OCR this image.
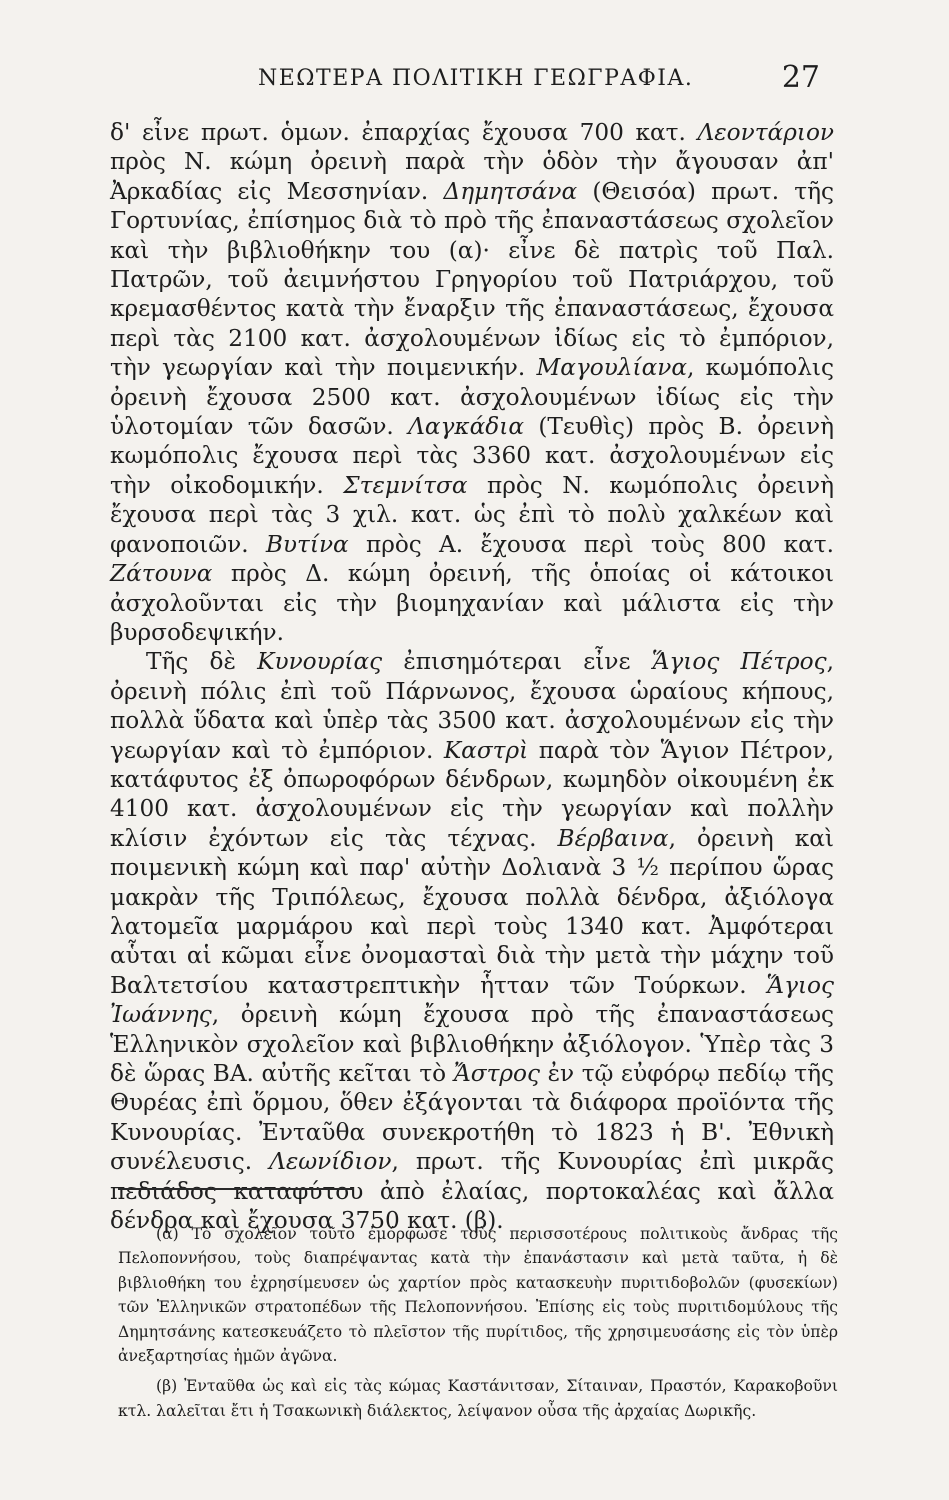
ΝΕΩΤΕΡΑ ΠΟΛΙΤΙΚΗ ΓΕΩΓΡΑΦΙΑ.	27

δ' εἶνε πρωτ. ὁμων. ἐπαρχίας ἔχουσα 700 κατ. Λεοντάριον πρὸς Ν. κώμη ὀρεινὴ παρὰ τὴν ὁδὸν τὴν ἄγουσαν ἀπ' Ἀρκαδίας εἰς Μεσσηνίαν. Δημητσάνα (Θεισόα) πρωτ. τῆς Γορτυνίας, ἐπίσημος διὰ τὸ πρὸ τῆς ἐπαναστάσεως σχολεῖον καὶ τὴν βιβλιοθήκην του (α)· εἶνε δὲ πατρὶς τοῦ Παλ. Πατρῶν, τοῦ ἀειμνήστου Γρηγορίου τοῦ Πατριάρχου, τοῦ κρεμασθέντος κατὰ τὴν ἔναρξιν τῆς ἐπαναστάσεως, ἔχουσα περὶ τὰς 2100 κατ. ἀσχολουμένων ἰδίως εἰς τὸ ἐμπόριον, τὴν γεωργίαν καὶ τὴν ποιμενικήν. Μαγουλίανα, κωμόπολις ὀρεινὴ ἔχουσα 2500 κατ. ἀσχολουμένων ἰδίως εἰς τὴν ὑλοτομίαν τῶν δασῶν. Λαγκάδια (Τευθὶς) πρὸς Β. ὀρεινὴ κωμόπολις ἔχουσα περὶ τὰς 3360 κατ. ἀσχολουμένων εἰς τὴν οἰκοδομικήν. Στεμνίτσα πρὸς Ν. κωμόπολις ὀρεινὴ ἔχουσα περὶ τὰς 3 χιλ. κατ. ὡς ἐπὶ τὸ πολὺ χαλκέων καὶ φανοποιῶν. Βυτίνα πρὸς Α. ἔχουσα περὶ τοὺς 800 κατ. Ζάτουνα πρὸς Δ. κώμη ὀρεινή, τῆς ὁποίας οἱ κάτοικοι ἀσχολοῦνται εἰς τὴν βιομηχανίαν καὶ μάλιστα εἰς τὴν βυρσοδεψικήν.

Τῆς δὲ Κυνουρίας ἐπισημότεραι εἶνε Ἅγιος Πέτρος, ὀρεινὴ πόλις ἐπὶ τοῦ Πάρνωνος, ἔχουσα ὡραίους κήπους, πολλὰ ὕδατα καὶ ὑπὲρ τὰς 3500 κατ. ἀσχολουμένων εἰς τὴν γεωργίαν καὶ τὸ ἐμπόριον. Καστρὶ παρὰ τὸν Ἅγιον Πέτρον, κατάφυτος ἐξ ὀπωροφόρων δένδρων, κωμηδὸν οἰκουμένη ἐκ 4100 κατ. ἀσχολουμένων εἰς τὴν γεωργίαν καὶ πολλὴν κλίσιν ἐχόντων εἰς τὰς τέχνας. Βέρβαινα, ὀρεινὴ καὶ ποιμενικὴ κώμη καὶ παρ' αὐτὴν Δολιανὰ 3 ½ περίπου ὥρας μακρὰν τῆς Τριπόλεως, ἔχουσα πολλὰ δένδρα, ἀξιόλογα λατομεῖα μαρμάρου καὶ περὶ τοὺς 1340 κατ. Ἀμφότεραι αὗται αἱ κῶμαι εἶνε ὀνομασταὶ διὰ τὴν μετὰ τὴν μάχην τοῦ Βαλτετσίου καταστρεπτικὴν ἧτταν τῶν Τούρκων. Ἅγιος Ἰωάννης, ὀρεινὴ κώμη ἔχουσα πρὸ τῆς ἐπαναστάσεως Ἑλληνικὸν σχολεῖον καὶ βιβλιοθήκην ἀξιόλογον. Ὑπὲρ τὰς 3 δὲ ὥρας ΒΑ. αὐτῆς κεῖται τὸ Ἄστρος ἐν τῷ εὐφόρῳ πεδίῳ τῆς Θυρέας ἐπὶ ὅρμου, ὅθεν ἐξάγονται τὰ διάφορα προϊόντα τῆς Κυνουρίας. Ἐνταῦθα συνεκροτήθη τὸ 1823 ἡ Β'. Ἐθνικὴ συνέλευσις. Λεωνίδιον, πρωτ. τῆς Κυνουρίας ἐπὶ μικρᾶς πεδιάδος καταφύτου ἀπὸ ἐλαίας, πορτοκαλέας καὶ ἄλλα δένδρα καὶ ἔχουσα 3750 κατ. (β).

(α) Τὸ σχολεῖον τοῦτο ἐμόρφωσε τοὺς περισσοτέρους πολιτικοὺς ἄνδρας τῆς Πελοποννήσου, τοὺς διαπρέψαντας κατὰ τὴν ἐπανάστασιν καὶ μετὰ ταῦτα, ἡ δὲ βιβλιοθήκη του ἐχρησίμευσεν ὡς χαρτίον πρὸς κατασκευὴν πυριτιδοβολῶν (φυσεκίων) τῶν Ἑλληνικῶν στρατοπέδων τῆς Πελοποννήσου. Ἐπίσης εἰς τοὺς πυριτιδομύλους τῆς Δημητσάνης κατεσκευάζετο τὸ πλεῖστον τῆς πυρίτιδος, τῆς χρησιμευσάσης εἰς τὸν ὑπὲρ ἀνεξαρτησίας ἡμῶν ἀγῶνα.

(β) Ἐνταῦθα ὡς καὶ εἰς τὰς κώμας Καστάνιτσαν, Σίταιναν, Πραστόν, Καρακοβοῦνι κτλ. λαλεῖται ἔτι ἡ Τσακωνικὴ διάλεκτος, λείψανον οὖσα τῆς ἀρχαίας Δωρικῆς.
